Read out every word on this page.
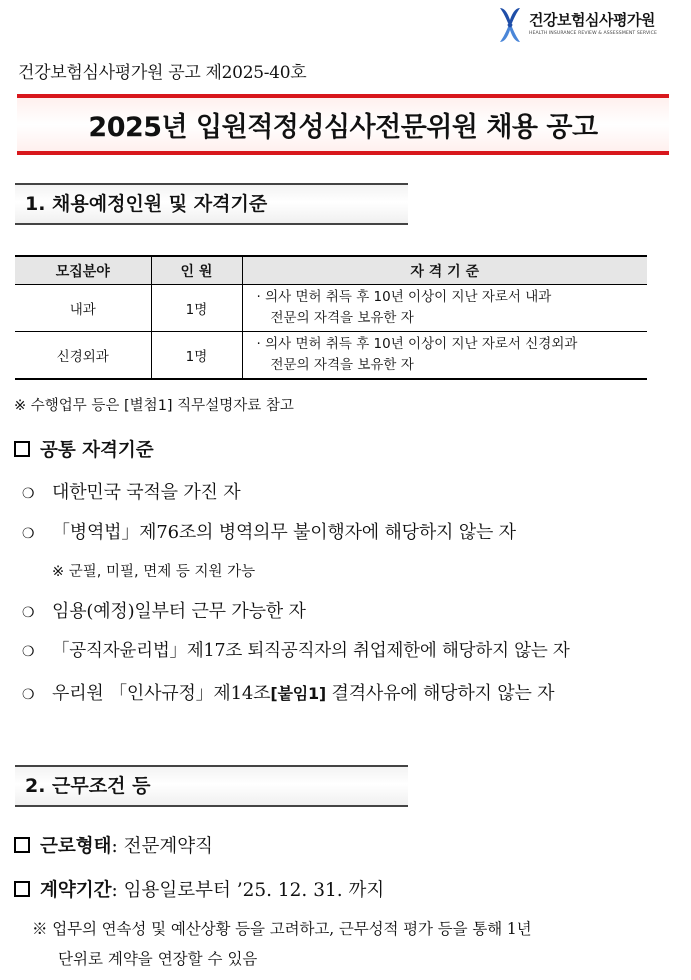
건강보험심사평가원
HEALTH INSURANCE REVIEW & ASSESSMENT SERVICE
건강보험심사평가원 공고 제2025-40호
2025년 입원적정성심사전문위원 채용 공고
1. 채용예정인원 및 자격기준
모집분야	인 원	자 격 기 준
내과	1명	· 의사 면허 취득 후 10년 이상이 지난 자로서 내과
전문의 자격을 보유한 자

신경외과	1명	· 의사 면허 취득 후 10년 이상이 지난 자로서 신경외과
전문의 자격을 보유한 자
※ 수행업무 등은 [별첨1] 직무설명자료 참고
공통 자격기준
❍ 대한민국 국적을 가진 자
❍ 「병역법」제76조의 병역의무 불이행자에 해당하지 않는 자
※ 군필, 미필, 면제 등 지원 가능
❍ 임용(예정)일부터 근무 가능한 자
❍ 「공직자윤리법」제17조 퇴직공직자의 취업제한에 해당하지 않는 자
❍ 우리원 「인사규정」제14조[붙임1] 결격사유에 해당하지 않는 자
2. 근무조건 등
근로형태 : 전문계약직
계약기간 : 임용일로부터 ’25. 12. 31. 까지
※ 업무의 연속성 및 예산상황 등을 고려하고, 근무성적 평가 등을 통해 1년
단위로 계약을 연장할 수 있음
